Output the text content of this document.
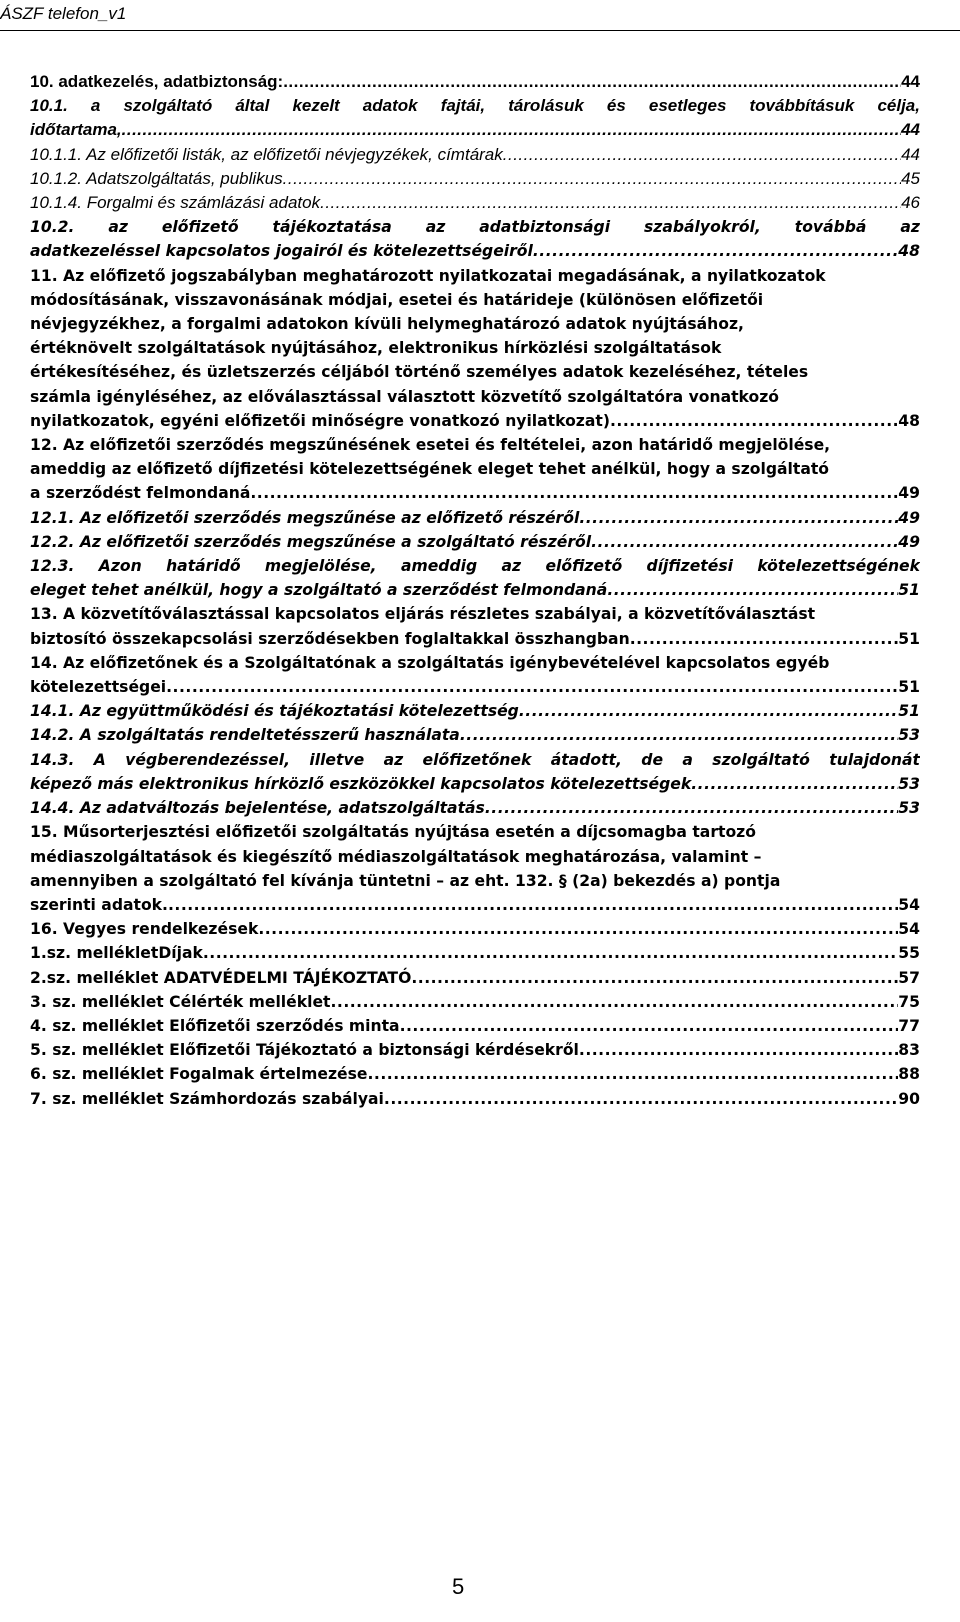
ÁSZF telefon_v1
10. adatkezelés, adatbiztonság: .....	44
10.1. a szolgáltató által kezelt adatok fajtái, tárolásuk és esetleges továbbításuk célja,
időtartama, .....	44
10.1.1. Az előfizetői listák, az előfizetői névjegyzékek, címtárak .....	44
10.1.2. Adatszolgáltatás, publikus .....	45
10.1.4. Forgalmi és számlázási adatok .....	46
10.2. az előfizető tájékoztatása az adatbiztonsági szabályokról, továbbá az
adatkezeléssel kapcsolatos jogairól és kötelezettségeiről .....	48
11. Az előfizető jogszabályban meghatározott nyilatkozatai megadásának, a nyilatkozatok
módosításának, visszavonásának módjai, esetei és határideje (különösen előfizetői
névjegyzékhez, a forgalmi adatokon kívüli helymeghatározó adatok nyújtásához,
értéknövelt szolgáltatások nyújtásához, elektronikus hírközlési szolgáltatások
értékesítéséhez, és üzletszerzés céljából történő személyes adatok kezeléséhez, tételes
számla igényléséhez, az előválasztással választott közvetítő szolgáltatóra vonatkozó
nyilatkozatok, egyéni előfizetői minőségre vonatkozó nyilatkozat) .....	48
12. Az előfizetői szerződés megszűnésének esetei és feltételei, azon határidő megjelölése,
ameddig az előfizető díjfizetési kötelezettségének eleget tehet anélkül, hogy a szolgáltató
a szerződést felmondaná .....	49
12.1. Az előfizetői szerződés megszűnése az előfizető részéről .....	49
12.2. Az előfizetői szerződés megszűnése a szolgáltató részéről .....	49
12.3. Azon határidő megjelölése, ameddig az előfizető díjfizetési kötelezettségének
eleget tehet anélkül, hogy a szolgáltató a szerződést felmondaná .....	51
13. A közvetítőválasztással kapcsolatos eljárás részletes szabályai, a közvetítőválasztást
biztosító összekapcsolási szerződésekben foglaltakkal összhangban .....	51
14. Az előfizetőnek és a Szolgáltatónak a szolgáltatás igénybevételével kapcsolatos egyéb
kötelezettségei .....	51
14.1. Az együttműködési és tájékoztatási kötelezettség .....	51
14.2. A szolgáltatás rendeltetésszerű használata .....	53
14.3. A végberendezéssel, illetve az előfizetőnek átadott, de a szolgáltató tulajdonát
képező más elektronikus hírközlő eszközökkel kapcsolatos kötelezettségek .....	53
14.4. Az adatváltozás bejelentése, adatszolgáltatás .....	53
15. Műsorterjesztési előfizetői szolgáltatás nyújtása esetén a díjcsomagba tartozó
médiaszolgáltatások és kiegészítő médiaszolgáltatások meghatározása, valamint –
amennyiben a szolgáltató fel kívánja tüntetni – az eht. 132. § (2a) bekezdés a) pontja
szerinti adatok. .....	54
16. Vegyes rendelkezések .....	54
1.sz. mellékletDíjak .....	55
2.sz. melléklet ADATVÉDELMI TÁJÉKOZTATÓ .....	57
3. sz. melléklet Célérték melléklet .....	75
4. sz. melléklet Előfizetői szerződés minta .....	77
5. sz. melléklet Előfizetői Tájékoztató a biztonsági kérdésekről .....	83
6. sz. melléklet Fogalmak értelmezése .....	88
7. sz. melléklet Számhordozás szabályai .....	90
5
